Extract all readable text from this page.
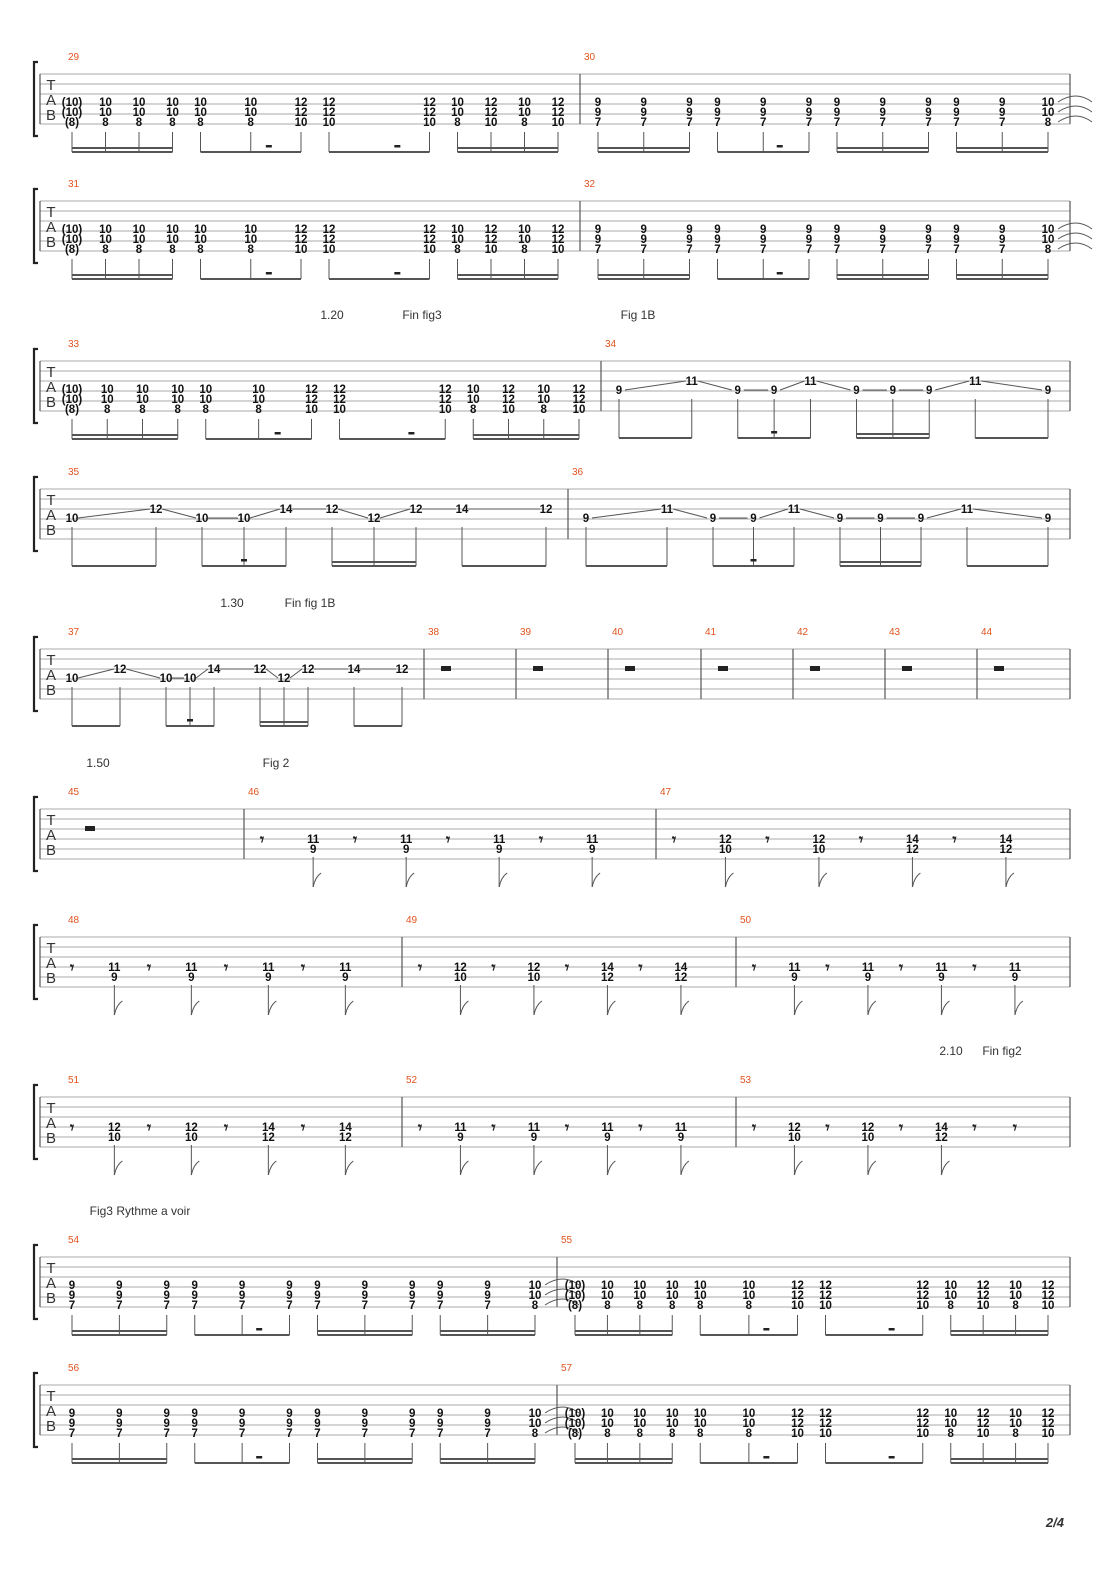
T
A
B
29
(10)
(10)
(8)
10
10
8
10
10
8
10
10
8
10
10
8
10
10
8
12
12
10
12
12
10
12
12
10
10
10
8
12
12
10
10
10
8
12
12
10
30
9
9
7
9
9
7
9
9
7
9
9
7
9
9
7
9
9
7
9
9
7
9
9
7
9
9
7
9
9
7
9
9
7
10
10
8
T
A
B
31
(10)
(10)
(8)
10
10
8
10
10
8
10
10
8
10
10
8
10
10
8
12
12
10
12
12
10
12
12
10
10
10
8
12
12
10
10
10
8
12
12
10
32
9
9
7
9
9
7
9
9
7
9
9
7
9
9
7
9
9
7
9
9
7
9
9
7
9
9
7
9
9
7
9
9
7
10
10
8
T
A
B
1.20	Fin fig3	Fig 1B
33
(10)
(10)
(8)
10
10
8
10
10
8
10
10
8
10
10
8
10
10
8
12
12
10
12
12
10
12
12
10
10
10
8
12
12
10
10
10
8
12
12
10
34
9
11
9	9
11
9	9	9
11
9
T
A
B
35
10
12
10	10
14	12
12
12	14	12
36
9
11
9	9
11
9	9	9
11
9
T
A
B
1.30	Fin fig 1B
37
10
12
10 10
14	12
12
12	14	12
38	39	40	41	42	43	44
T
A
B
1.50	Fig 2
45	46
𝄾	11
9
𝄾	11
9
𝄾	11
9
𝄾	11
9
47
𝄾	12
10
𝄾	12
10
𝄾	14
12
𝄾	14
12
T
A
B
48
𝄾	11
9
𝄾	11
9
𝄾	11
9
𝄾	11
9
49
𝄾	12
10
𝄾	12
10
𝄾	14
12
𝄾	14
12
50
𝄾	11
9
𝄾	11
9
𝄾	11
9
𝄾	11
9
T
A
B
2.10 Fin fig2
51
𝄾	12
10
𝄾	12
10
𝄾	14
12
𝄾	14
12
52
𝄾	11
9
𝄾	11
9
𝄾	11
9
𝄾	11
9
53
𝄾	12
10
𝄾	12
10
𝄾	14
12
𝄾 𝄾
T
A
B
Fig3 Rythme a voir
54
9
9
7
9
9
7
9
9
7
9
9
7
9
9
7
9
9
7
9
9
7
9
9
7
9
9
7
9
9
7
9
9
7
10
10
8
55
(10)
(10)
(8)
10
10
8
10
10
8
10
10
8
10
10
8
10
10
8
12
12
10
12
12
10
12
12
10
10
10
8
12
12
10
10
10
8
12
12
10
T
A
B
56
9
9
7
9
9
7
9
9
7
9
9
7
9
9
7
9
9
7
9
9
7
9
9
7
9
9
7
9
9
7
9
9
7
10
10
8
57
(10)
(10)
(8)
10
10
8
10
10
8
10
10
8
10
10
8
10
10
8
12
12
10
12
12
10
12
12
10
10
10
8
12
12
10
10
10
8
12
12
10
2/4
